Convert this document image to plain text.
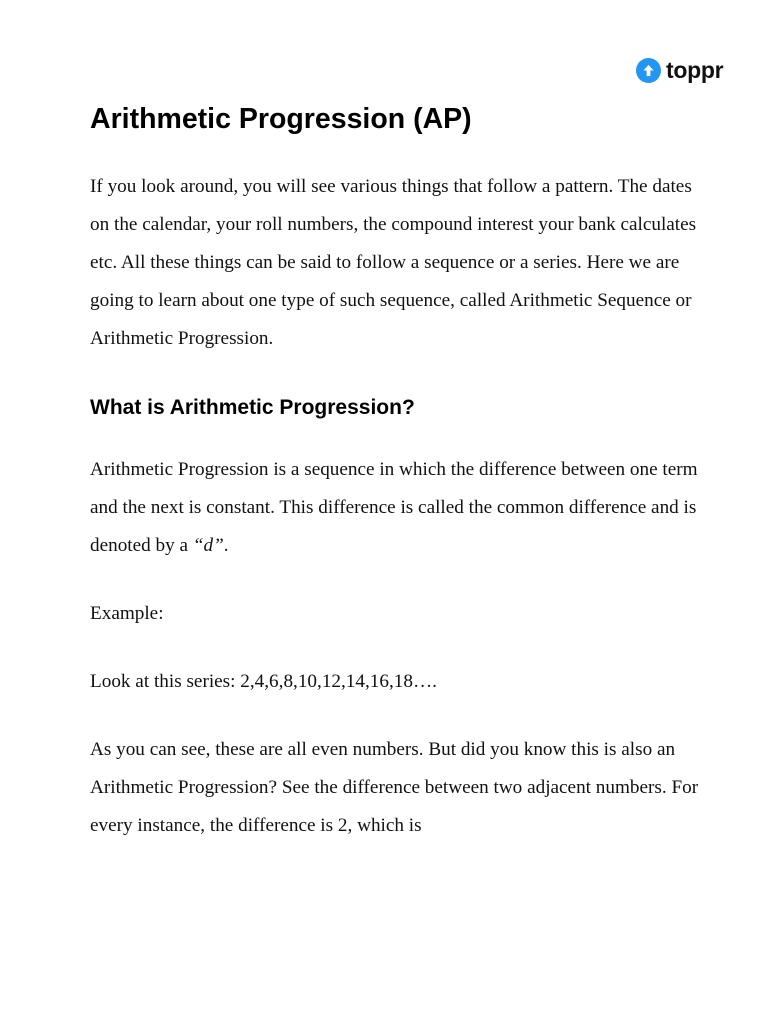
toppr
Arithmetic Progression (AP)

If you look around, you will see various things that follow a pattern. The dates on the calendar, your roll numbers, the compound interest your bank calculates etc. All these things can be said to follow a sequence or a series. Here we are going to learn about one type of such sequence, called Arithmetic Sequence or Arithmetic Progression.

What is Arithmetic Progression?

Arithmetic Progression is a sequence in which the difference between one term and the next is constant. This difference is called the common difference and is denoted by a “d”.

Example:

Look at this series: 2,4,6,8,10,12,14,16,18….

As you can see, these are all even numbers. But did you know this is also an Arithmetic Progression? See the difference between two adjacent numbers. For every instance, the difference is 2, which is
